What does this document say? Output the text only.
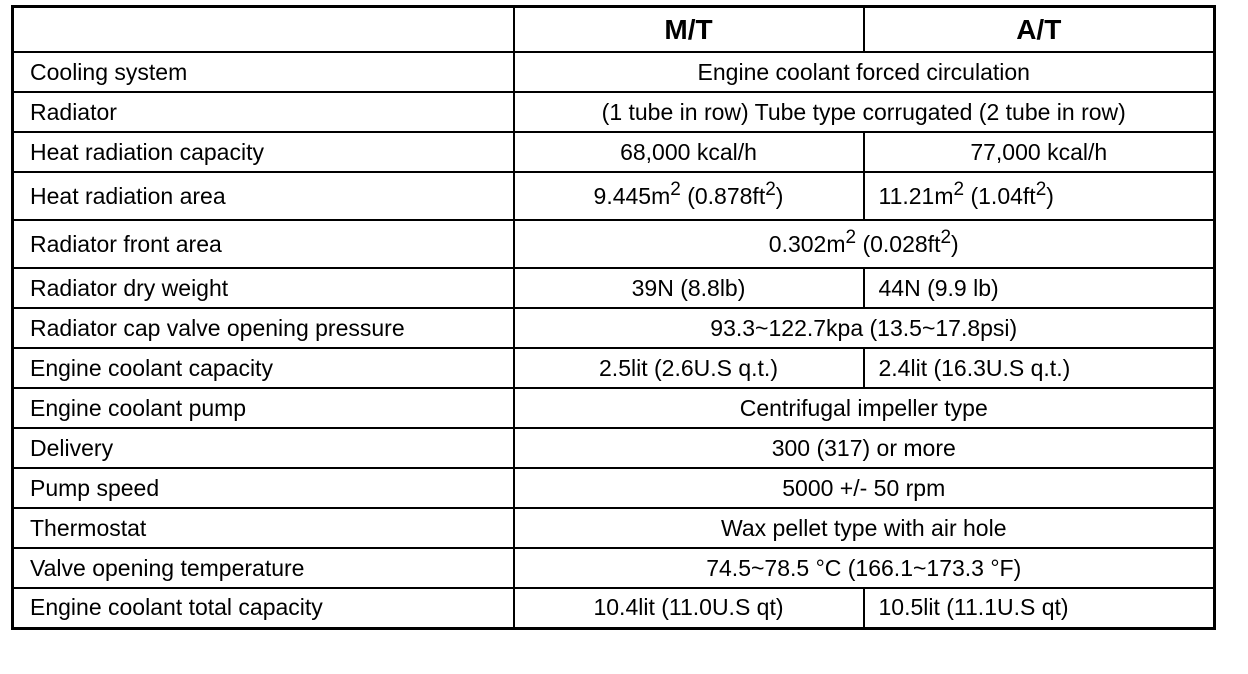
	M/T	A/T
Cooling system	Engine coolant forced circulation	
Radiator	(1 tube in row) Tube type corrugated (2 tube in row)	
Heat radiation capacity	68,000 kcal/h	77,000 kcal/h
Heat radiation area	$9.445m^2$ $(0.878ft^2)$	$11.21m^2$ $(1.04ft^2)$
Radiator front area	$0.302m^2$ $(0.028ft^2)$	
Radiator dry weight	39N (8.8lb)	44N (9.9 lb)
Radiator cap valve opening pressure	93.3~122.7kpa (13.5~17.8psi)	
Engine coolant capacity	2.5lit (2.6U.S q.t.)	2.4lit (16.3U.S q.t.)
Engine coolant pump	Centrifugal impeller type	
Delivery	300 (317) or more	
Pump speed	5000 +/- 50 rpm	
Thermostat	Wax pellet type with air hole	
Valve opening temperature	74.5~78.5 °C (166.1~173.3 °F)	
Engine coolant total capacity	10.4lit (11.0U.S qt)	10.5lit (11.1U.S qt)
